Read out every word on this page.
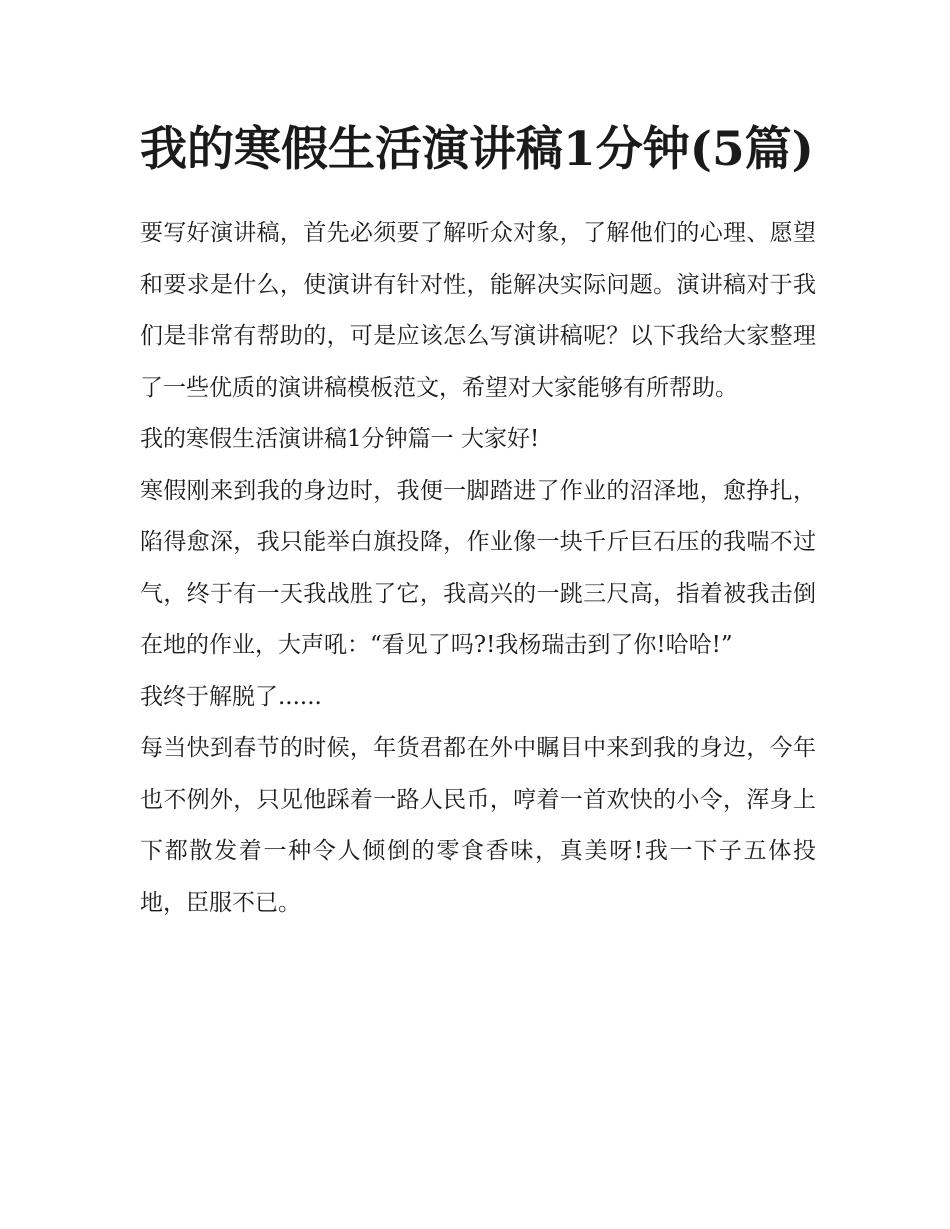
我的寒假生活演讲稿1分钟(5篇)

要写好演讲稿，首先必须要了解听众对象，了解他们的心理、愿望和要求是什么，使演讲有针对性，能解决实际问题。演讲稿对于我们是非常有帮助的，可是应该怎么写演讲稿呢？以下我给大家整理了一些优质的演讲稿模板范文，希望对大家能够有所帮助。

我的寒假生活演讲稿1分钟篇一 大家好!

寒假刚来到我的身边时，我便一脚踏进了作业的沼泽地，愈挣扎，陷得愈深，我只能举白旗投降，作业像一块千斤巨石压的我喘不过气，终于有一天我战胜了它，我高兴的一跳三尺高，指着被我击倒在地的作业，大声吼：“看见了吗?!我杨瑞击到了你!哈哈!”

我终于解脱了......

每当快到春节的时候，年货君都在外中瞩目中来到我的身边，今年也不例外，只见他踩着一路人民币，哼着一首欢快的小令，浑身上下都散发着一种令人倾倒的零食香味，真美呀!我一下子五体投地，臣服不已。
